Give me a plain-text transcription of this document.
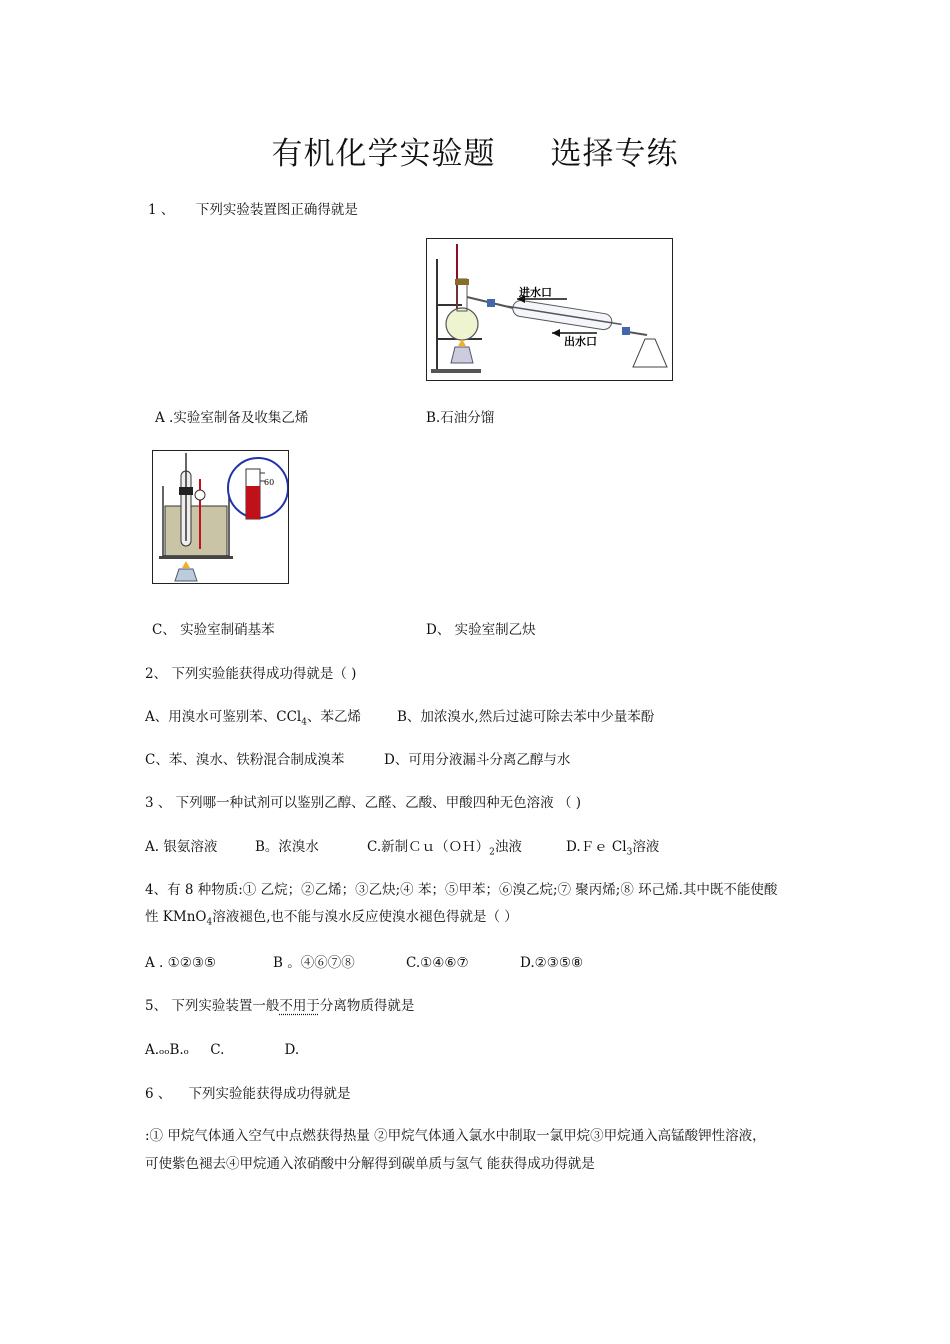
有机化学实验题 选择专练
1 、 下列实验装置图正确得就是
进水口
出水口
A .实验室制备及收集乙烯	B.石油分馏
60
C、 实验室制硝基苯	D、 实验室制乙炔
2、 下列实验能获得成功得就是（ )
A、用溴水可鉴别苯、CCl$_4$、苯乙烯	B、加浓溴水,然后过滤可除去苯中少量苯酚
C、苯、溴水、铁粉混合制成溴苯	D、可用分液漏斗分离乙醇与水
3 、 下列哪一种试剂可以鉴别乙醇、乙醛、乙酸、甲酸四种无色溶液 （ )
A. 银氨溶液	B。浓溴水	C.新制$Cu(OH)_2$浊液	D.Ｆｅ $Cl_3$溶液
4、有 8 种物质:① 乙烷；②乙烯；③乙炔;④ 苯；⑤甲苯；⑥溴乙烷;⑦ 聚丙烯;⑧ 环己烯.其中既不能使酸
性 KMnO$_4$溶液褪色,也不能与溴水反应使溴水褪色得就是（ ）
A . ①②③⑤	B 。④⑥⑦⑧	C.①④⑥⑦	D.②③⑤⑧
5、 下列实验装置一般不用于分离物质得就是
A.ₒₒB.ₒ     C.              D.
6 、    下列实验能获得成功得就是
:① 甲烷气体通入空气中点燃获得热量 ②甲烷气体通入氯水中制取一氯甲烷③甲烷通入高锰酸钾性溶液，
可使紫色褪去④甲烷通入浓硝酸中分解得到碳单质与氢气 能获得成功得就是
